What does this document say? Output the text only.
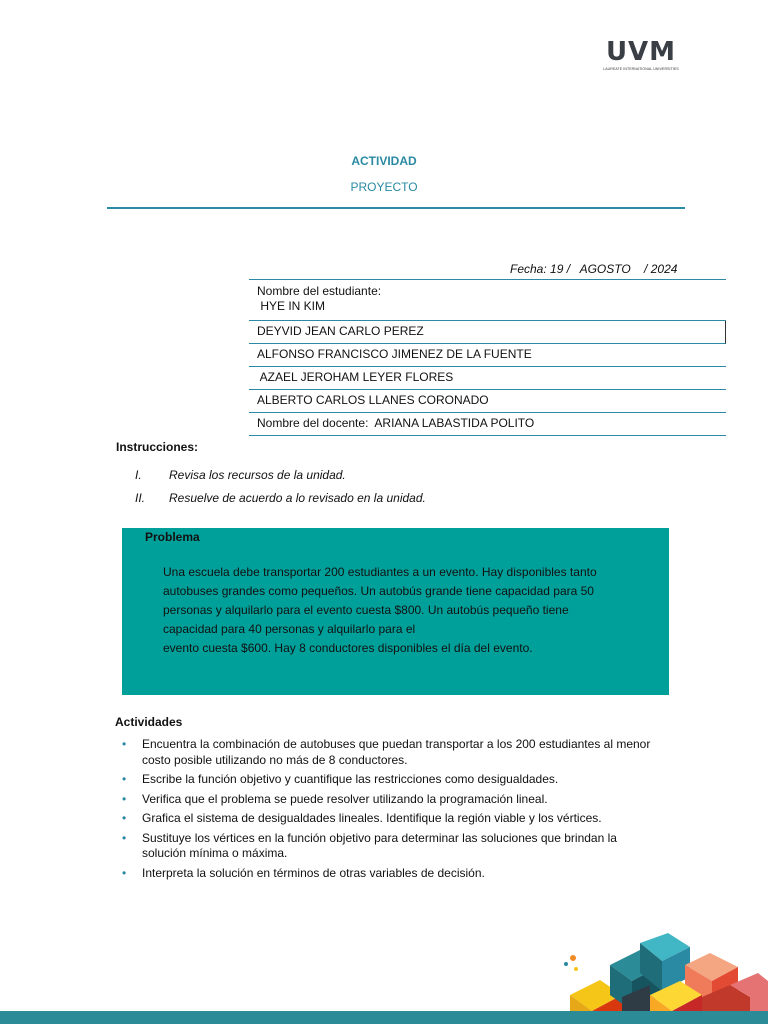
UVM
LAUREATE INTERNATIONAL UNIVERSITIES
ACTIVIDAD
PROYECTO
Fecha: 19 /   AGOSTO    / 2024
Nombre del estudiante:
HYE IN KIM
DEYVID JEAN CARLO PEREZ
ALFONSO FRANCISCO JIMENEZ DE LA FUENTE
AZAEL JEROHAM LEYER FLORES
ALBERTO CARLOS LLANES CORONADO
Nombre del docente:  ARIANA LABASTIDA POLITO
Instrucciones:
I. Revisa los recursos de la unidad.
II. Resuelve de acuerdo a lo revisado en la unidad.
Problema
Una escuela debe transportar 200 estudiantes a un evento. Hay disponibles tanto
autobuses grandes como pequeños. Un autobús grande tiene capacidad para 50
personas y alquilarlo para el evento cuesta $800. Un autobús pequeño tiene
capacidad para 40 personas y alquilarlo para el
evento cuesta $600. Hay 8 conductores disponibles el día del evento.
Actividades
• Encuentra la combinación de autobuses que puedan transportar a los 200 estudiantes al menor costo posible utilizando no más de 8 conductores.
• Escribe la función objetivo y cuantifique las restricciones como desigualdades.
• Verifica que el problema se puede resolver utilizando la programación lineal.
• Grafica el sistema de desigualdades lineales. Identifique la región viable y los vértices.
• Sustituye los vértices en la función objetivo para determinar las soluciones que brindan la solución mínima o máxima.
• Interpreta la solución en términos de otras variables de decisión.
